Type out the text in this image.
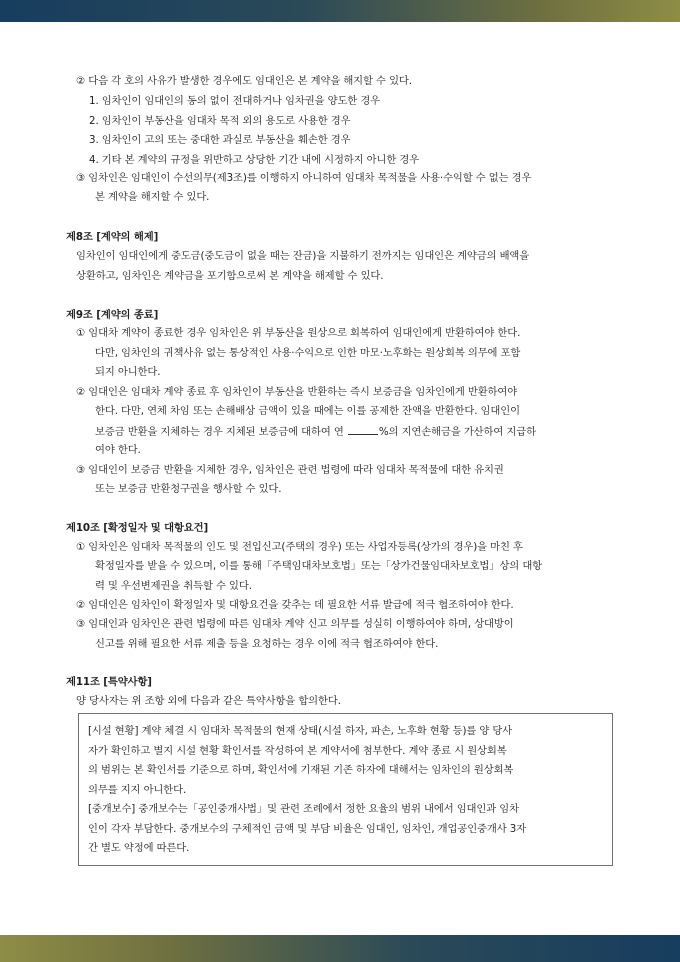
② 다음 각 호의 사유가 발생한 경우에도 임대인은 본 계약을 해지할 수 있다.
1. 임차인이 임대인의 동의 없이 전대하거나 임차권을 양도한 경우
2. 임차인이 부동산을 임대차 목적 외의 용도로 사용한 경우
3. 임차인이 고의 또는 중대한 과실로 부동산을 훼손한 경우
4. 기타 본 계약의 규정을 위반하고 상당한 기간 내에 시정하지 아니한 경우
③ 임차인은 임대인이 수선의무(제3조)를 이행하지 아니하여 임대차 목적물을 사용·수익할 수 없는 경우
본 계약을 해지할 수 있다.
제8조 [계약의 해제]
임차인이 임대인에게 중도금(중도금이 없을 때는 잔금)을 지불하기 전까지는 임대인은 계약금의 배액을
상환하고, 임차인은 계약금을 포기함으로써 본 계약을 해제할 수 있다.
제9조 [계약의 종료]
① 임대차 계약이 종료한 경우 임차인은 위 부동산을 원상으로 회복하여 임대인에게 반환하여야 한다.
다만, 임차인의 귀책사유 없는 통상적인 사용·수익으로 인한 마모·노후화는 원상회복 의무에 포함
되지 아니한다.
② 임대인은 임대차 계약 종료 후 임차인이 부동산을 반환하는 즉시 보증금을 임차인에게 반환하여야
한다. 다만, 연체 차임 또는 손해배상 금액이 있을 때에는 이를 공제한 잔액을 반환한다. 임대인이
보증금 반환을 지체하는 경우 지체된 보증금에 대하여 연	%의 지연손해금을 가산하여 지급하
여야 한다.
③ 임대인이 보증금 반환을 지체한 경우, 임차인은 관련 법령에 따라 임대차 목적물에 대한 유치권
또는 보증금 반환청구권을 행사할 수 있다.
제10조 [확정일자 및 대항요건]
① 임차인은 임대차 목적물의 인도 및 전입신고(주택의 경우) 또는 사업자등록(상가의 경우)을 마친 후
확정일자를 받을 수 있으며, 이를 통해「주택임대차보호법」또는「상가건물임대차보호법」상의 대항
력 및 우선변제권을 취득할 수 있다.
② 임대인은 임차인이 확정일자 및 대항요건을 갖추는 데 필요한 서류 발급에 적극 협조하여야 한다.
③ 임대인과 임차인은 관련 법령에 따른 임대차 계약 신고 의무를 성실히 이행하여야 하며, 상대방이
신고를 위해 필요한 서류 제출 등을 요청하는 경우 이에 적극 협조하여야 한다.
제11조 [특약사항]
양 당사자는 위 조항 외에 다음과 같은 특약사항을 합의한다.
[시설 현황] 계약 체결 시 임대차 목적물의 현재 상태(시설 하자, 파손, 노후화 현황 등)를 양 당사
자가 확인하고 별지 시설 현황 확인서를 작성하여 본 계약서에 첨부한다. 계약 종료 시 원상회복
의 범위는 본 확인서를 기준으로 하며, 확인서에 기재된 기존 하자에 대해서는 임차인의 원상회복
의무를 지지 아니한다.
[중개보수] 중개보수는「공인중개사법」및 관련 조례에서 정한 요율의 범위 내에서 임대인과 임차
인이 각자 부담한다. 중개보수의 구체적인 금액 및 부담 비율은 임대인, 임차인, 개업공인중개사 3자
간 별도 약정에 따른다.
